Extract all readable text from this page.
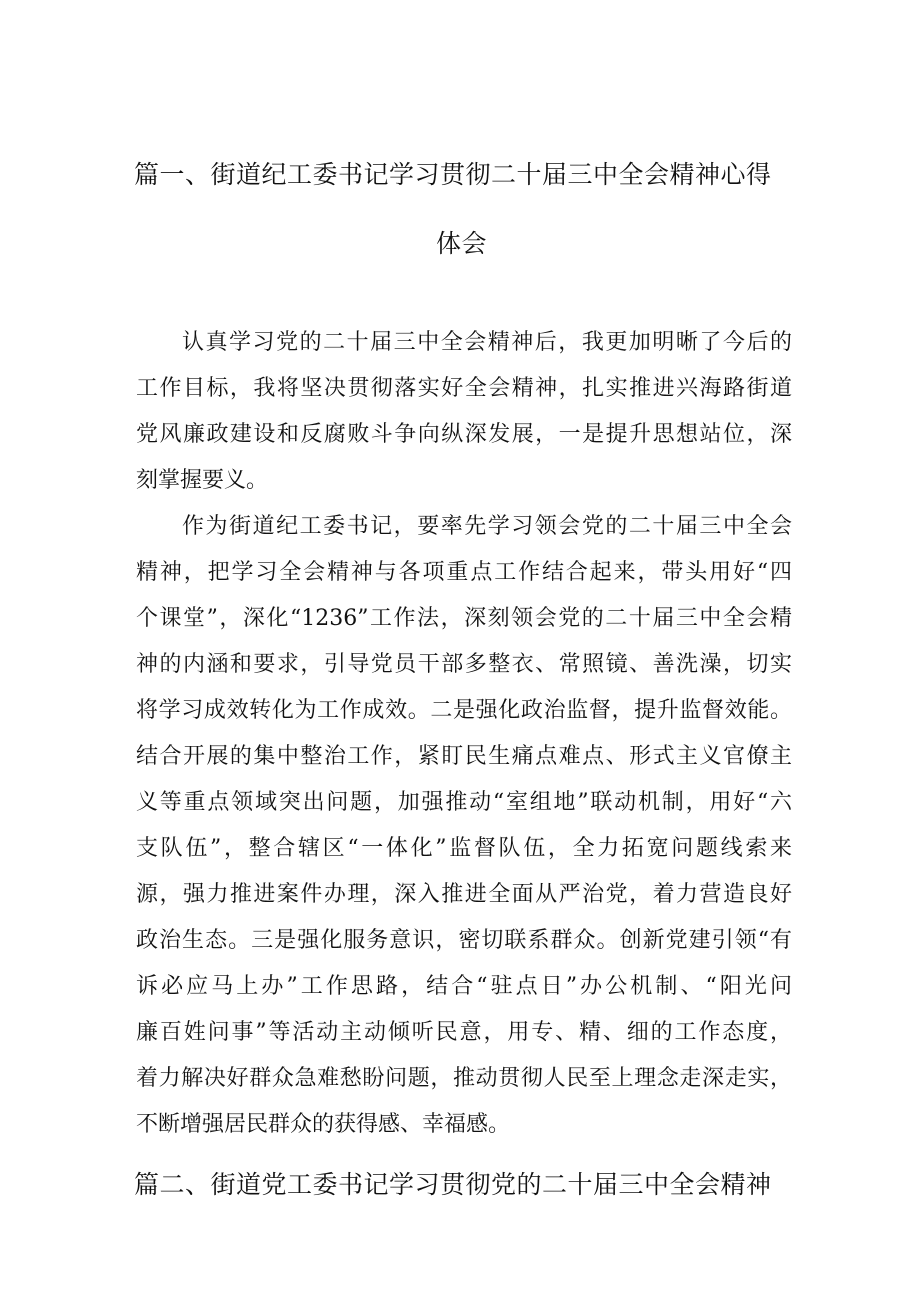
篇一、街道纪工委书记学习贯彻二十届三中全会精神心得
体会
认真学习党的二十届三中全会精神后，我更加明晰了今后的
工作目标，我将坚决贯彻落实好全会精神，扎实推进兴海路街道
党风廉政建设和反腐败斗争向纵深发展，一是提升思想站位，深
刻掌握要义。
作为街道纪工委书记，要率先学习领会党的二十届三中全会
精神，把学习全会精神与各项重点工作结合起来，带头用好“四
个课堂”，深化“1236”工作法，深刻领会党的二十届三中全会精
神的内涵和要求，引导党员干部多整衣、常照镜、善洗澡，切实
将学习成效转化为工作成效。二是强化政治监督，提升监督效能。
结合开展的集中整治工作，紧盯民生痛点难点、形式主义官僚主
义等重点领域突出问题，加强推动“室组地”联动机制，用好“六
支队伍”，整合辖区“一体化”监督队伍，全力拓宽问题线索来
源，强力推进案件办理，深入推进全面从严治党，着力营造良好
政治生态。三是强化服务意识，密切联系群众。创新党建引领“有
诉必应马上办”工作思路，结合“驻点日”办公机制、“阳光问
廉百姓问事”等活动主动倾听民意，用专、精、细的工作态度，
着力解决好群众急难愁盼问题，推动贯彻人民至上理念走深走实，
不断增强居民群众的获得感、幸福感。
篇二、街道党工委书记学习贯彻党的二十届三中全会精神
